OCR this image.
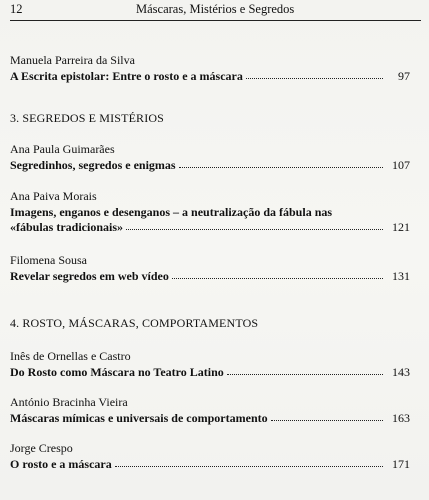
12	Máscaras, Mistérios e Segredos
Manuela Parreira da Silva
A Escrita epistolar: Entre o rosto e a máscara	97
3. SEGREDOS E MISTÉRIOS
Ana Paula Guimarães
Segredinhos, segredos e enigmas	107
Ana Paiva Morais
Imagens, enganos e desenganos – a neutralização da fábula nas
«fábulas tradicionais»	121
Filomena Sousa
Revelar segredos em web vídeo	131
4. ROSTO, MÁSCARAS, COMPORTAMENTOS
Inês de Ornellas e Castro
Do Rosto como Máscara no Teatro Latino	143
António Bracinha Vieira
Máscaras mímicas e universais de comportamento	163
Jorge Crespo
O rosto e a máscara	171
